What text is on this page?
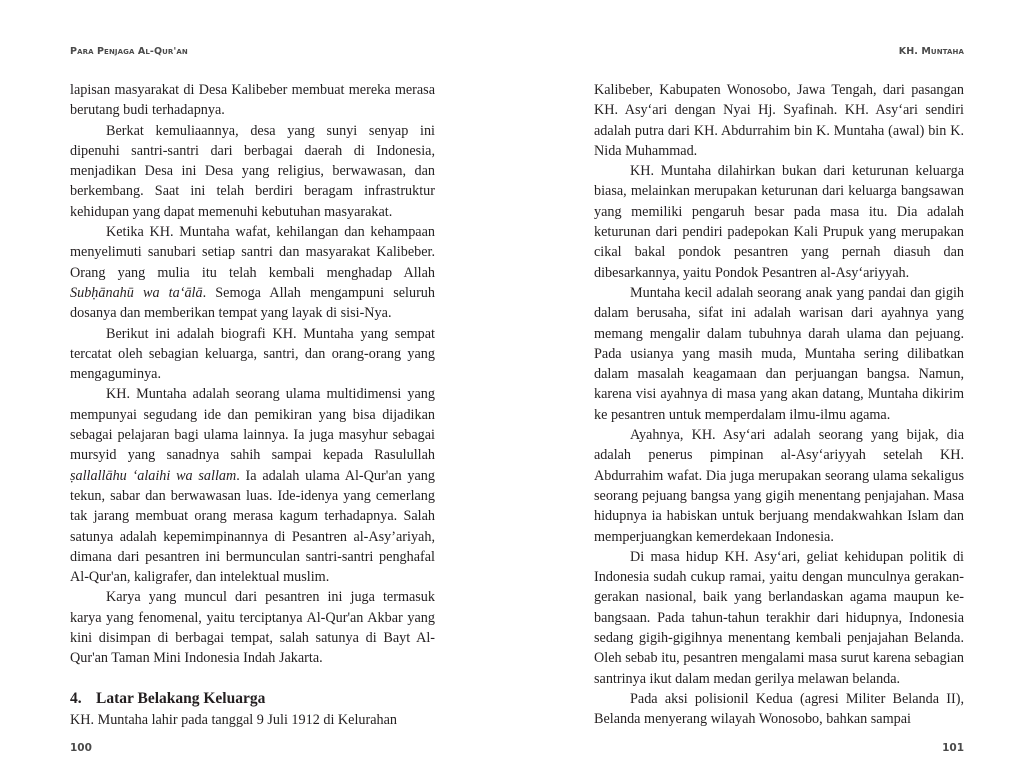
Para Penjaga Al-Qur'an

lapisan masyarakat di Desa Kalibeber membuat mereka merasa berutang budi terhadapnya.

Berkat kemuliaannya, desa yang sunyi senyap ini dipenuhi santri-santri dari berbagai daerah di Indonesia, menjadikan Desa ini Desa yang religius, berwawasan, dan berkembang. Saat ini telah berdiri beragam infrastruktur kehidupan yang dapat memenuhi kebutuhan masyarakat.

Ketika KH. Muntaha wafat, kehilangan dan kehampaan menyelimuti sanubari setiap santri dan masyarakat Kalibeber. Orang yang mulia itu telah kembali menghadap Allah Subḥānahū wa ta‘ālā. Semoga Allah mengampuni seluruh dosanya dan memberikan tempat yang layak di sisi-Nya.

Berikut ini adalah biografi KH. Muntaha yang sempat tercatat oleh sebagian keluarga, santri, dan orang-orang yang mengaguminya.

KH. Muntaha adalah seorang ulama multidimensi yang mempunyai segudang ide dan pemikiran yang bisa dijadikan sebagai pelajaran bagi ulama lainnya. Ia juga masyhur sebagai mursyid yang sanadnya sahih sampai kepada Rasulullah ṣallallāhu ‘alaihi wa sallam. Ia adalah ulama Al-Qur'an yang tekun, sabar dan berwawasan luas. Ide-idenya yang cemerlang tak jarang membuat orang merasa kagum terhadapnya. Salah satunya adalah kepemimpinannya di Pesantren al-Asy’ariyah, dimana dari pesantren ini bermunculan santri-santri penghafal Al-Qur'an, kaligrafer, dan intelektual muslim.

Karya yang muncul dari pesantren ini juga termasuk karya yang fenomenal, yaitu terciptanya Al-Qur'an Akbar yang kini disimpan di berbagai tempat, salah satunya di Bayt Al-Qur'an Taman Mini Indonesia Indah Jakarta.

4. Latar Belakang Keluarga

KH. Muntaha lahir pada tanggal 9 Juli 1912 di Kelurahan

100
KH. Muntaha

Kalibeber, Kabupaten Wonosobo, Jawa Tengah, dari pasangan KH. Asy‘ari dengan Nyai Hj. Syafinah. KH. Asy‘ari sendiri adalah putra dari KH. Abdurrahim bin K. Muntaha (awal) bin K. Nida Muhammad.

KH. Muntaha dilahirkan bukan dari keturunan keluarga biasa, melainkan merupakan keturunan dari keluarga bangsawan yang memiliki pengaruh besar pada masa itu. Dia adalah keturunan dari pendiri padepokan Kali Prupuk yang merupakan cikal bakal pondok pesantren yang pernah diasuh dan dibesarkannya, yaitu Pondok Pesantren al-Asy‘ariyyah.

Muntaha kecil adalah seorang anak yang pandai dan gigih dalam berusaha, sifat ini adalah warisan dari ayahnya yang memang mengalir dalam tubuhnya darah ulama dan pejuang. Pada usianya yang masih muda, Muntaha sering dilibatkan dalam masalah keagamaan dan perjuangan bangsa. Namun, karena visi ayahnya di masa yang akan datang, Muntaha dikirim ke pesantren untuk memperdalam ilmu-ilmu agama.

Ayahnya, KH. Asy‘ari adalah seorang yang bijak, dia adalah penerus pimpinan al-Asy‘ariyyah setelah KH. Abdurrahim wafat. Dia juga merupakan seorang ulama sekaligus seorang pejuang bangsa yang gigih menentang penjajahan. Masa hidupnya ia habiskan untuk berjuang mendakwahkan Islam dan memperjuangkan kemerdekaan Indonesia.

Di masa hidup KH. Asy‘ari, geliat kehidupan politik di Indonesia sudah cukup ramai, yaitu dengan munculnya gerakan-gerakan nasional, baik yang berlandaskan agama maupun kebangsaan. Pada tahun-tahun terakhir dari hidupnya, Indonesia sedang gigih-gigihnya menentang kembali penjajahan Belanda. Oleh sebab itu, pesantren mengalami masa surut karena sebagian santrinya ikut dalam medan gerilya melawan belanda.

Pada aksi polisionil Kedua (agresi Militer Belanda II), Belanda menyerang wilayah Wonosobo, bahkan sampai

101
